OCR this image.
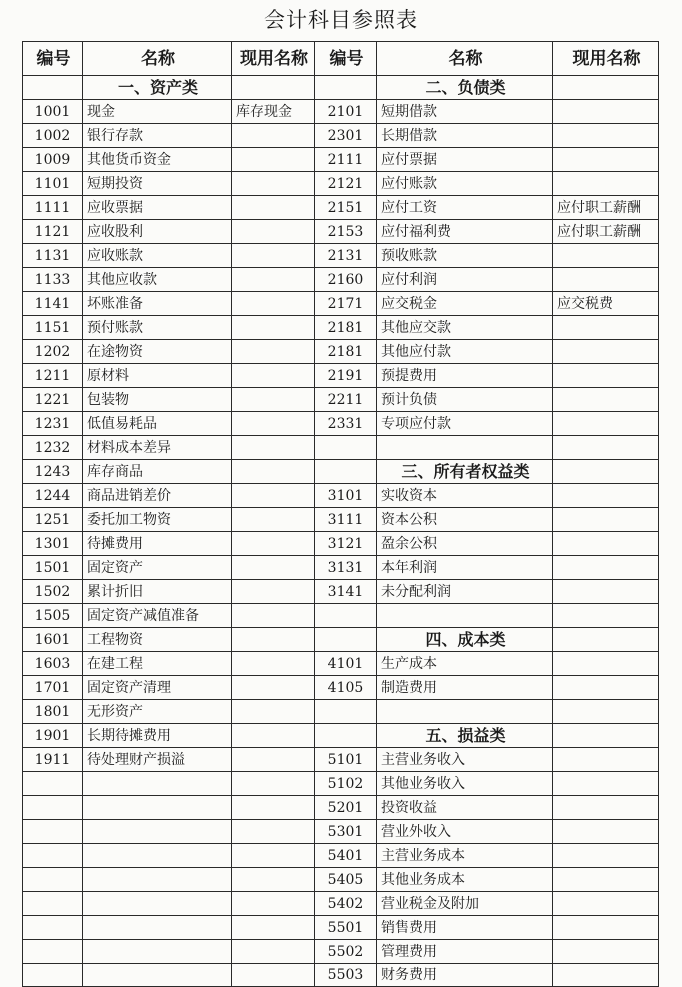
会计科目参照表
编号	名称	现用名称	编号	名称	现用名称
	一、资产类			二、负债类	
1001	现金	库存现金	2101	短期借款	
1002	银行存款		2301	长期借款	
1009	其他货币资金		2111	应付票据	
1101	短期投资		2121	应付账款	
1111	应收票据		2151	应付工资	应付职工薪酬
1121	应收股利		2153	应付福利费	应付职工薪酬
1131	应收账款		2131	预收账款	
1133	其他应收款		2160	应付利润	
1141	坏账准备		2171	应交税金	应交税费
1151	预付账款		2181	其他应交款	
1202	在途物资		2181	其他应付款	
1211	原材料		2191	预提费用	
1221	包装物		2211	预计负债	
1231	低值易耗品		2331	专项应付款	
1232	材料成本差异				
1243	库存商品			三、所有者权益类	
1244	商品进销差价		3101	实收资本	
1251	委托加工物资		3111	资本公积	
1301	待摊费用		3121	盈余公积	
1501	固定资产		3131	本年利润	
1502	累计折旧		3141	未分配利润	
1505	固定资产减值准备				
1601	工程物资			四、成本类	
1603	在建工程		4101	生产成本	
1701	固定资产清理		4105	制造费用	
1801	无形资产				
1901	长期待摊费用			五、损益类	
1911	待处理财产损溢		5101	主营业务收入	
			5102	其他业务收入	
			5201	投资收益	
			5301	营业外收入	
			5401	主营业务成本	
			5405	其他业务成本	
			5402	营业税金及附加	
			5501	销售费用	
			5502	管理费用	
			5503	财务费用	
